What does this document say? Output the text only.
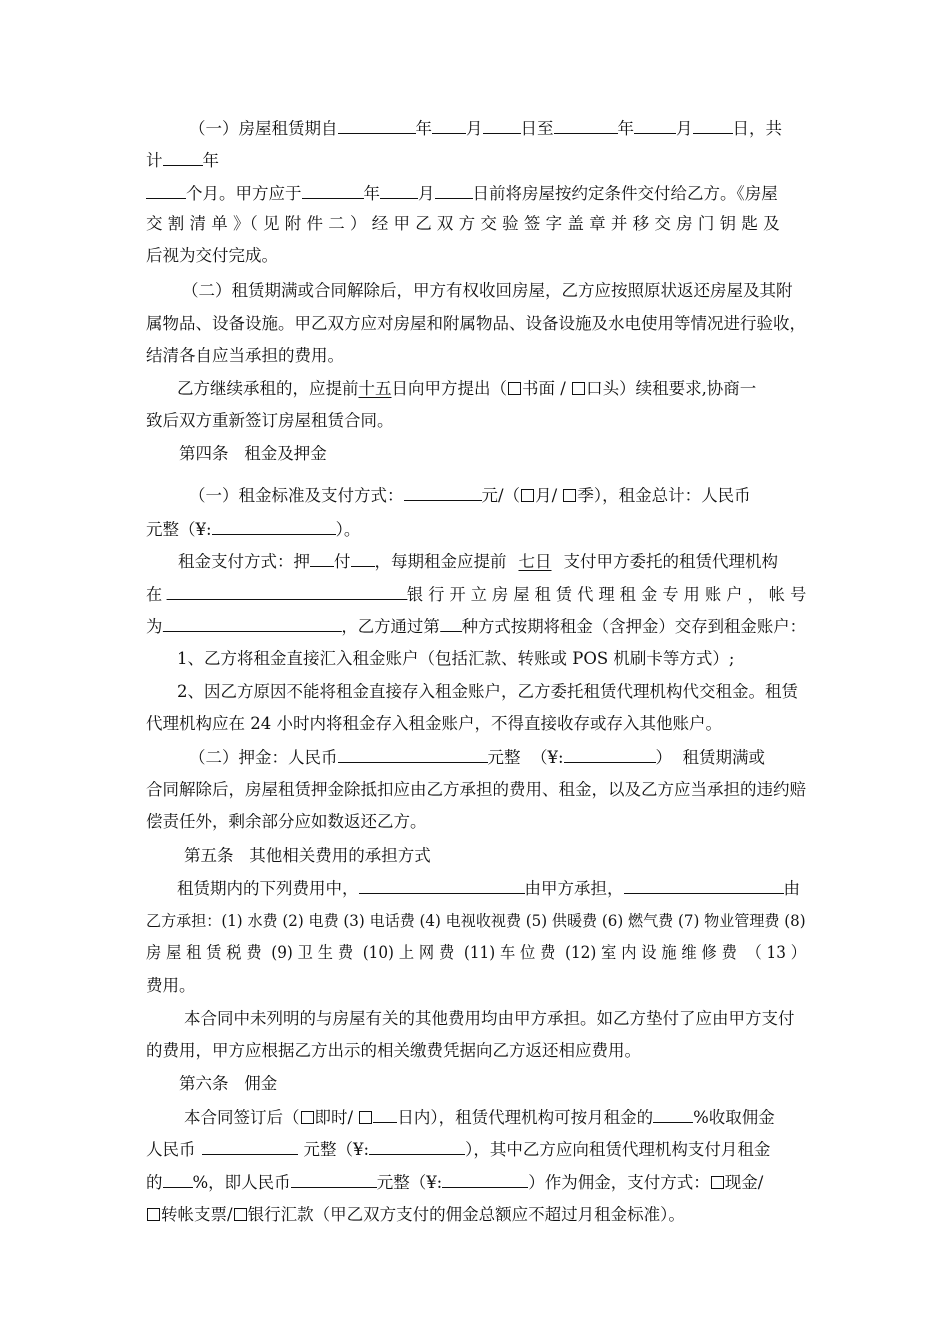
（一）房屋租赁期自	年 月 日至	年	月 日，共
计 年
个月。甲方应于	年 月 日前将房屋按约定条件交付给乙方。《房屋
交 割 清 单 》（ 见 附 件 二 ） 经 甲 乙 双 方 交 验 签 字 盖 章 并 移 交 房 门 钥 匙 及
后视为交付完成。
（二）租赁期满或合同解除后，甲方有权收回房屋，乙方应按照原状返还房屋及其附
属物品、设备设施。甲乙双方应对房屋和附属物品、设备设施及水电使用等情况进行验收，
结清各自应当承担的费用。
乙方继续承租的，应提前十五日向甲方提出（ 书面 / 口头）续租要求,协商一
致后双方重新签订房屋租赁合同。
第四条   租金及押金
（一）租金标准及支付方式：	元/（ 月/ 季），租金总计：人民币
元整（¥:	）。
租金支付方式：押 付 ，每期租金应提前 七日 支付甲方委托的租赁代理机构
在	银 行 开 立 房 屋 租 赁 代 理 租 金 专 用 账 户 ， 帐 号
为	，乙方通过第 种方式按期将租金（含押金）交存到租金账户：
1、乙方将租金直接汇入租金账户（包括汇款、转账或 POS 机刷卡等方式）;
2、因乙方原因不能将租金直接存入租金账户，乙方委托租赁代理机构代交租金。租赁
代理机构应在 24 小时内将租金存入租金账户，不得直接收存或存入其他账户。
（二）押金：人民币	元整  （¥:	）  租赁期满或
合同解除后，房屋租赁押金除抵扣应由乙方承担的费用、租金，以及乙方应当承担的违约赔
偿责任外，剩余部分应如数返还乙方。
第五条   其他相关费用的承担方式
租赁期内的下列费用中，	由甲方承担，	由
乙方承担：(1) 水费 (2) 电费 (3) 电话费 (4) 电视收视费 (5) 供暖费 (6) 燃气费 (7) 物业管理费 (8)
房 屋 租 赁 税 费  (9) 卫 生 费  (10) 上 网 费  (11) 车 位 费  (12) 室 内 设 施 维 修 费  （ 13 ）
费用。
本合同中未列明的与房屋有关的其他费用均由甲方承担。如乙方垫付了应由甲方支付
的费用，甲方应根据乙方出示的相关缴费凭据向乙方返还相应费用。
第六条   佣金
本合同签订后（ 即时/ 日内），租赁代理机构可按月租金的 %收取佣金
人民币	元整（¥:	），其中乙方应向租赁代理机构支付月租金
的 %，即人民币	元整（¥:	）作为佣金，支付方式： 现金/
转帐支票/ 银行汇款（甲乙双方支付的佣金总额应不超过月租金标准）。
